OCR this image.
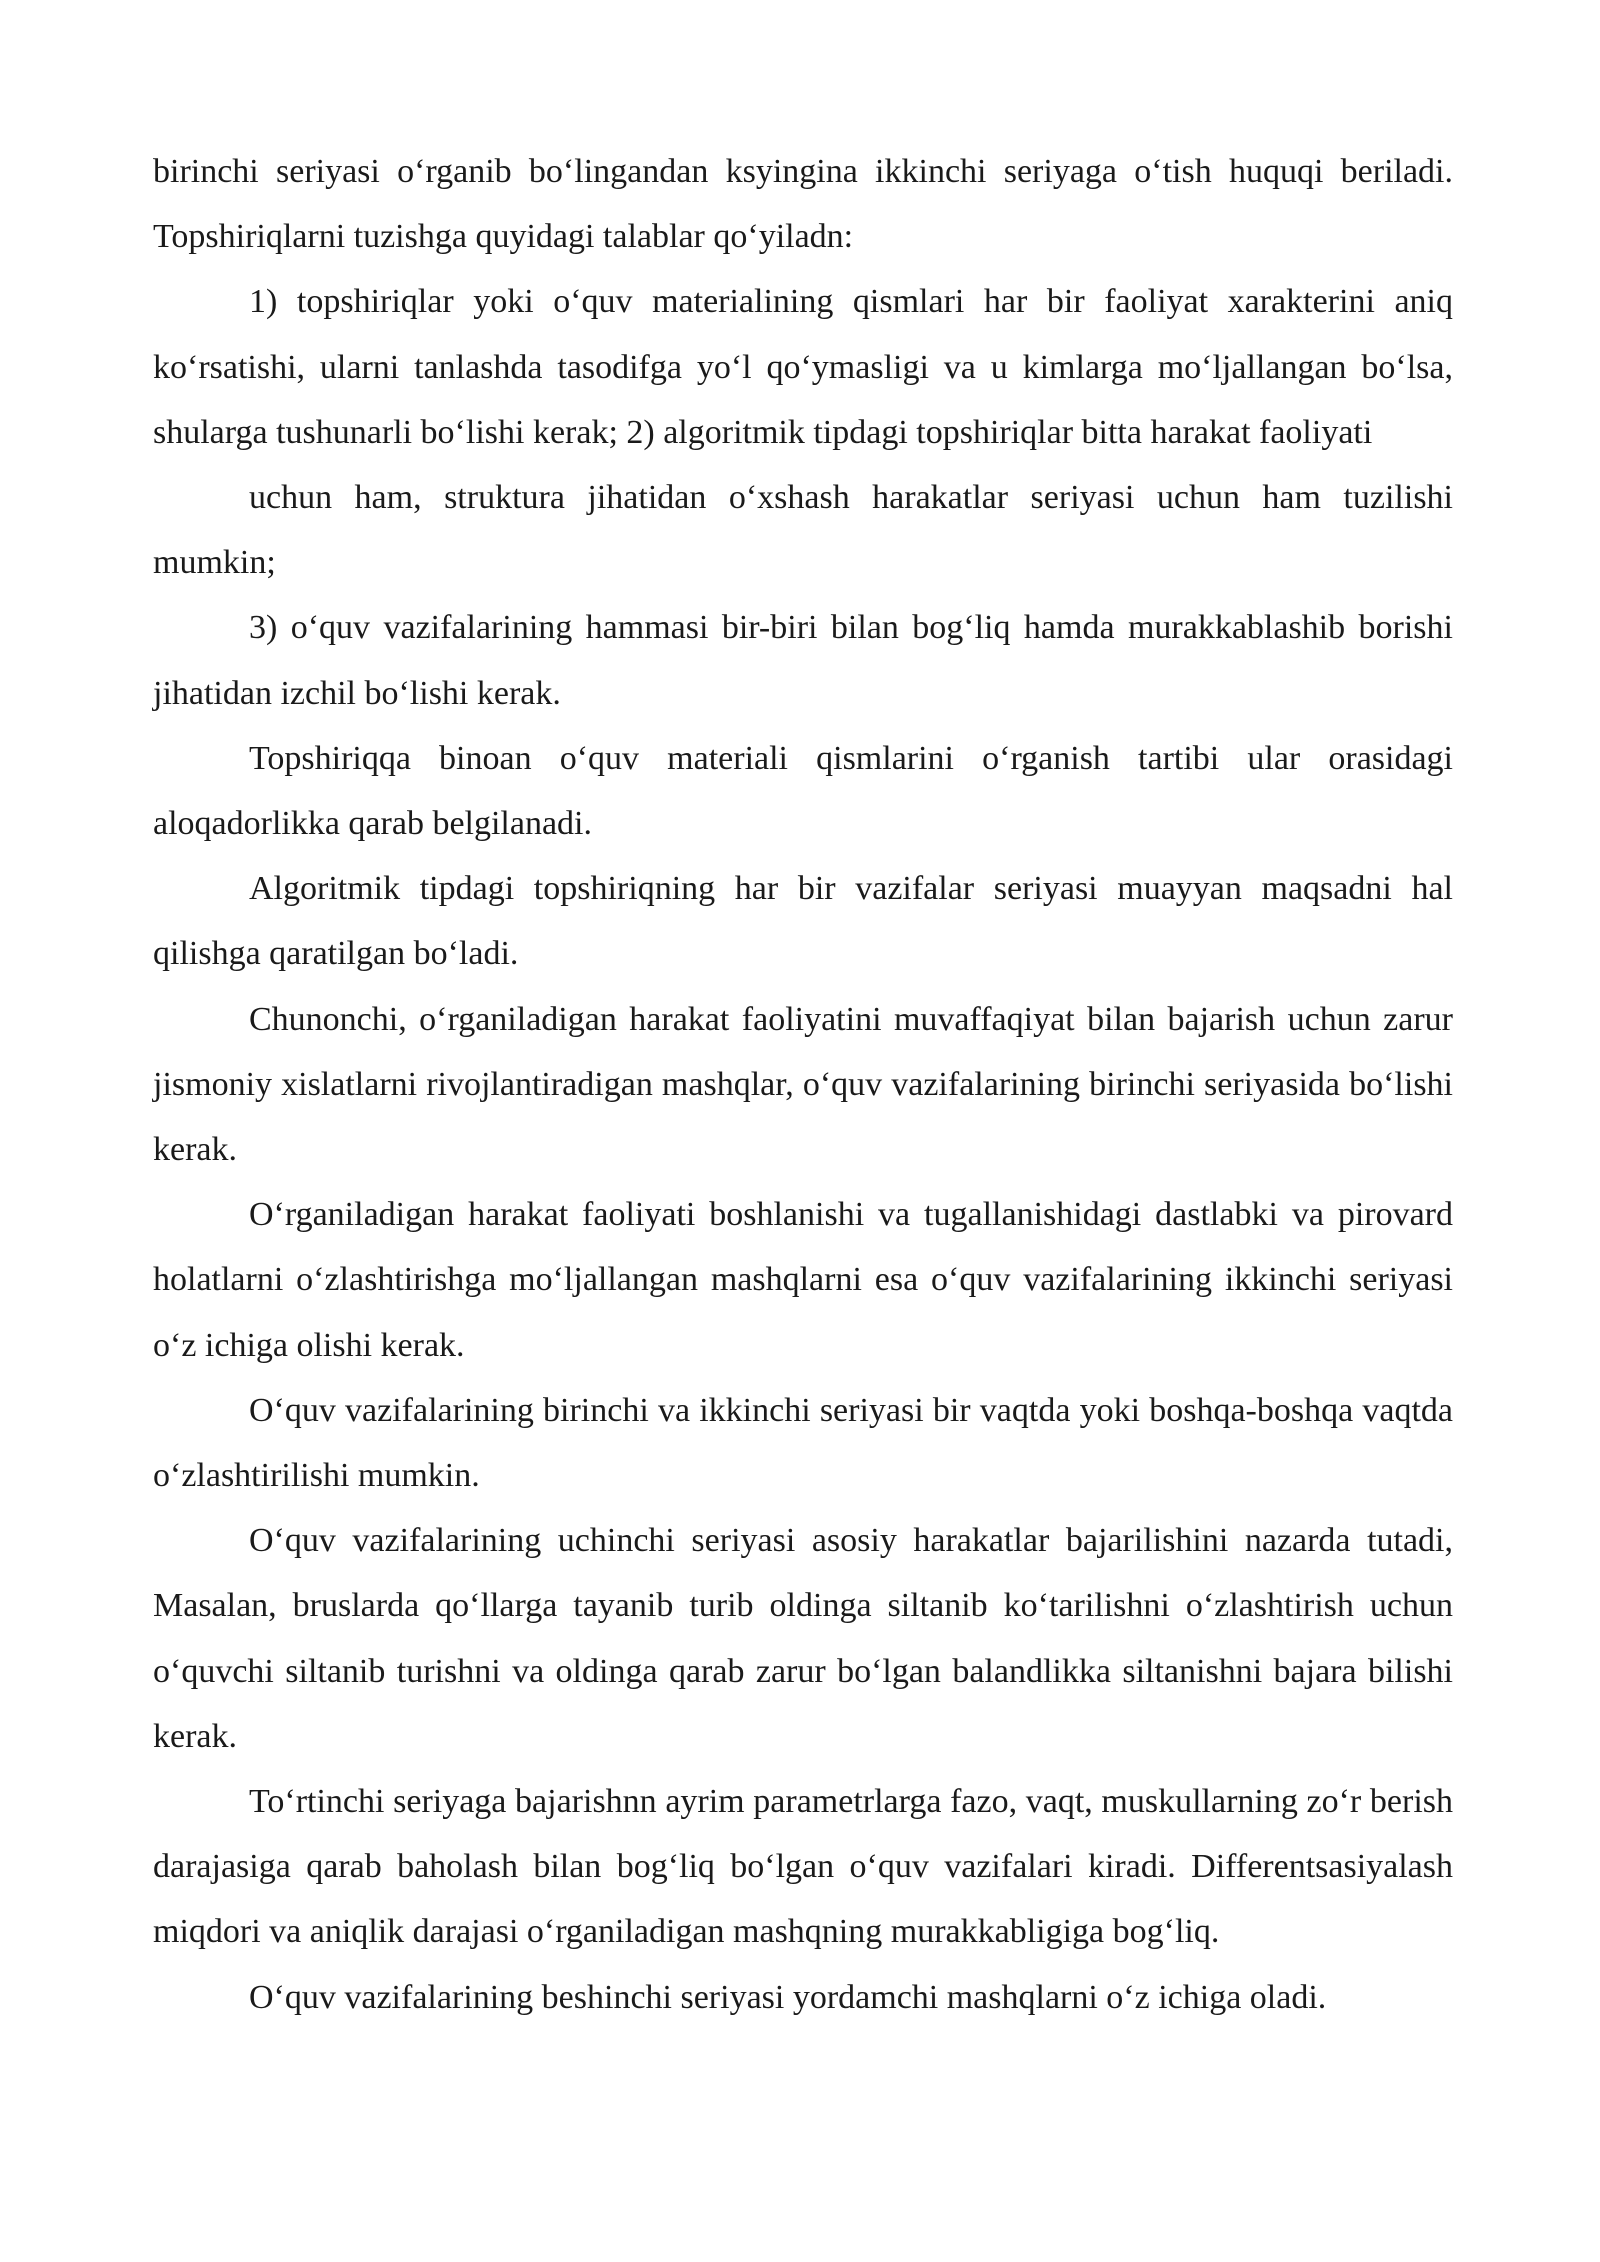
birinchi seriyasi o‘rganib bo‘lingandan ksyingina ikkinchi seriyaga o‘tish huquqi beriladi. Topshiriqlarni tuzishga quyidagi talablar qo‘yiladn:

1) topshiriqlar yoki o‘quv materialining qismlari har bir faoliyat xarakterini aniq ko‘rsatishi, ularni tanlashda tasodifga yo‘l qo‘ymasligi va u kimlarga mo‘ljallangan bo‘lsa, shularga tushunarli bo‘lishi kerak; 2) algoritmik tipdagi topshiriqlar bitta harakat faoliyati

uchun ham, struktura jihatidan o‘xshash harakatlar seriyasi uchun ham tuzilishi mumkin;

3) o‘quv vazifalarining hammasi bir-biri bilan bog‘liq hamda murakkablashib borishi jihatidan izchil bo‘lishi kerak.

Topshiriqqa binoan o‘quv materiali qismlarini o‘rganish tartibi ular orasidagi aloqadorlikka qarab belgilanadi.

Algoritmik tipdagi topshiriqning har bir vazifalar seriyasi muayyan maqsadni hal qilishga qaratilgan bo‘ladi.

Chunonchi, o‘rganiladigan harakat faoliyatini muvaffaqiyat bilan bajarish uchun zarur jismoniy xislatlarni rivojlantiradigan mashqlar, o‘quv vazifalarining birinchi seriyasida bo‘lishi kerak.

O‘rganiladigan harakat faoliyati boshlanishi va tugallanishidagi dastlabki va pirovard holatlarni o‘zlashtirishga mo‘ljallangan mashqlarni esa o‘quv vazifalarining ikkinchi seriyasi o‘z ichiga olishi kerak.

O‘quv vazifalarining birinchi va ikkinchi seriyasi bir vaqtda yoki boshqa-boshqa vaqtda o‘zlashtirilishi mumkin.

O‘quv vazifalarining uchinchi seriyasi asosiy harakatlar bajarilishini nazarda tutadi, Masalan, bruslarda qo‘llarga tayanib turib oldinga siltanib ko‘tarilishni o‘zlashtirish uchun o‘quvchi siltanib turishni va oldinga qarab zarur bo‘lgan balandlikka siltanishni bajara bilishi kerak.

To‘rtinchi seriyaga bajarishnn ayrim parametrlarga fazo, vaqt, muskullarning zo‘r berish darajasiga qarab baholash bilan bog‘liq bo‘lgan o‘quv vazifalari kiradi. Differentsasiyalash miqdori va aniqlik darajasi o‘rganiladigan mashqning murakkabligiga bog‘liq.

O‘quv vazifalarining beshinchi seriyasi yordamchi mashqlarni o‘z ichiga oladi.
